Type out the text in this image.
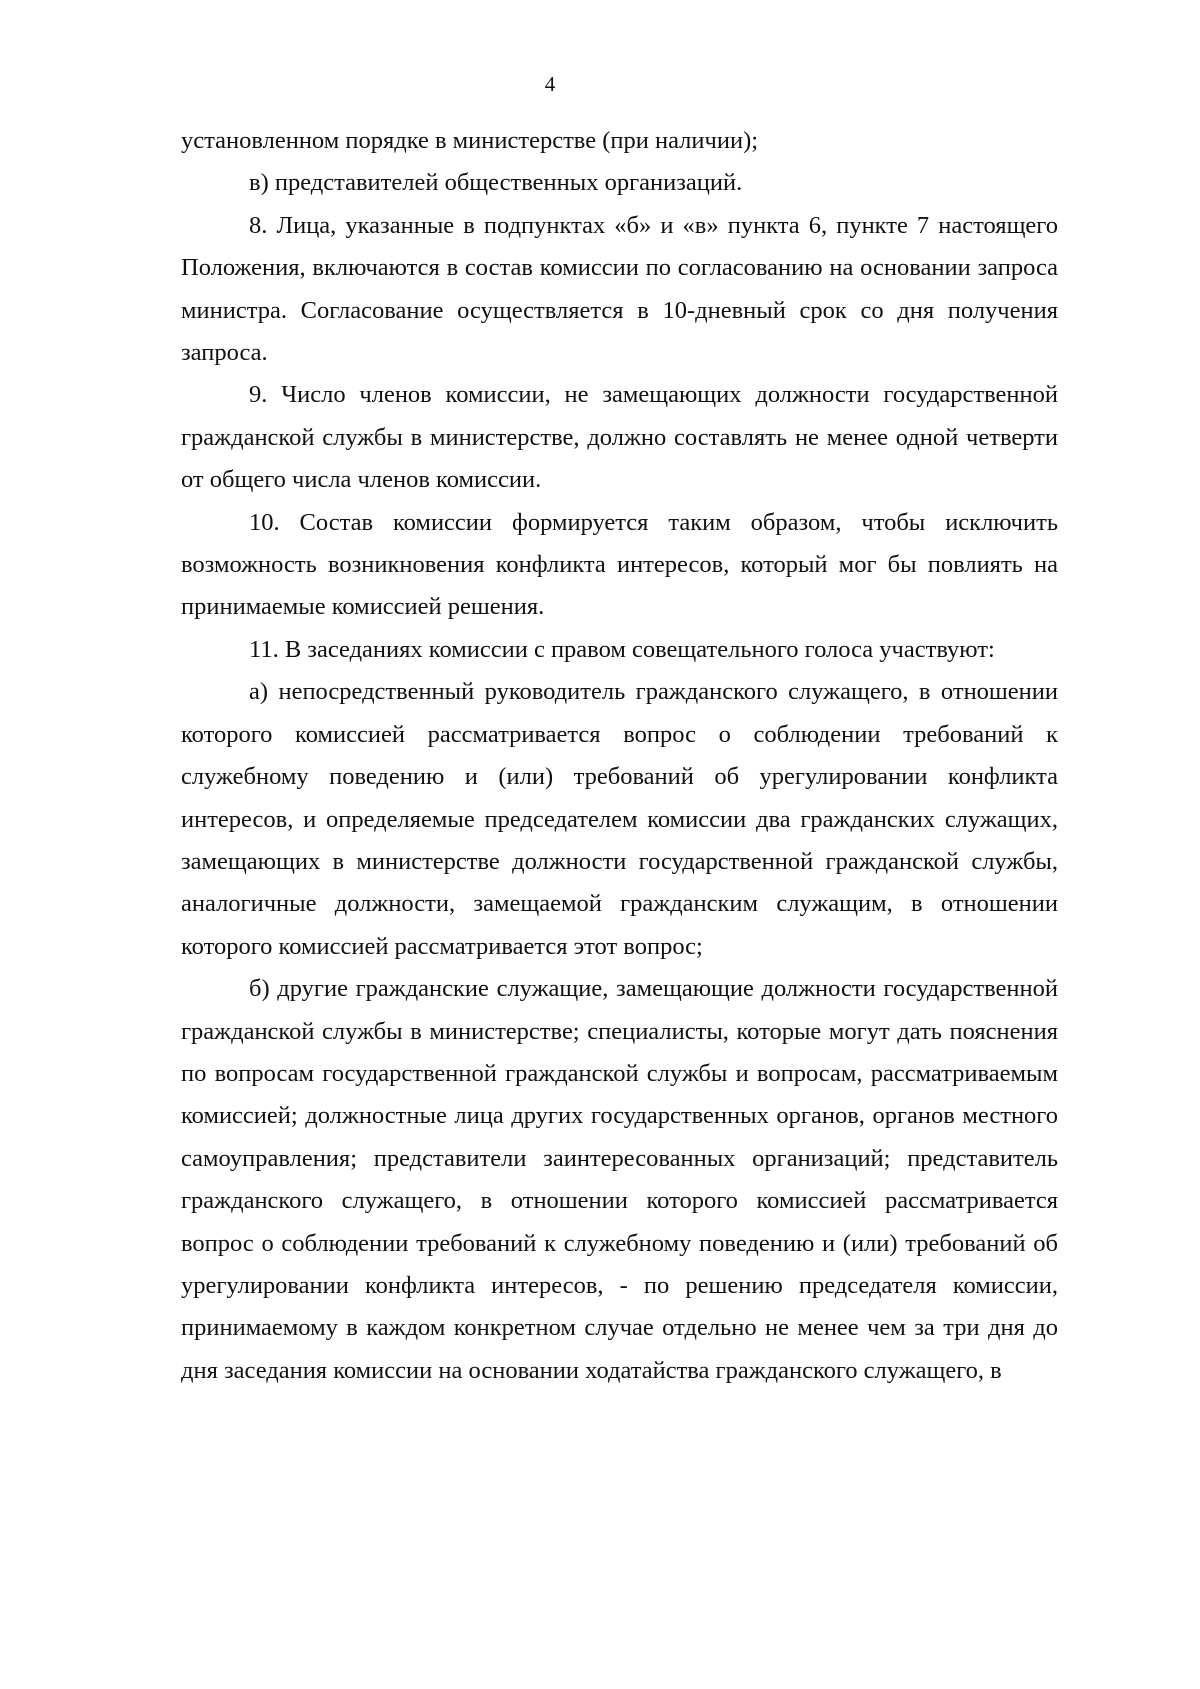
4

установленном порядке в министерстве (при наличии);

в) представителей общественных организаций.

8. Лица, указанные в подпунктах «б» и «в» пункта 6, пункте 7 настоящего Положения, включаются в состав комиссии по согласованию на основании запроса министра. Согласование осуществляется в 10-дневный срок со дня получения запроса.

9. Число членов комиссии, не замещающих должности государственной гражданской службы в министерстве, должно составлять не менее одной четверти от общего числа членов комиссии.

10. Состав комиссии формируется таким образом, чтобы исключить возможность возникновения конфликта интересов, который мог бы повлиять на принимаемые комиссией решения.

11. В заседаниях комиссии с правом совещательного голоса участвуют:

а) непосредственный руководитель гражданского служащего, в отношении которого комиссией рассматривается вопрос о соблюдении требований к служебному поведению и (или) требований об урегулировании конфликта интересов, и определяемые председателем комиссии два гражданских служащих, замещающих в министерстве должности государственной гражданской службы, аналогичные должности, замещаемой гражданским служащим, в отношении которого комиссией рассматривается этот вопрос;

б) другие гражданские служащие, замещающие должности государственной гражданской службы в министерстве; специалисты, которые могут дать пояснения по вопросам государственной гражданской службы и вопросам, рассматриваемым комиссией; должностные лица других государственных органов, органов местного самоуправления; представители заинтересованных организаций; представитель гражданского служащего, в отношении которого комиссией рассматривается вопрос о соблюдении требований к служебному поведению и (или) требований об урегулировании конфликта интересов, - по решению председателя комиссии, принимаемому в каждом конкретном случае отдельно не менее чем за три дня до дня заседания комиссии на основании ходатайства гражданского служащего, в
